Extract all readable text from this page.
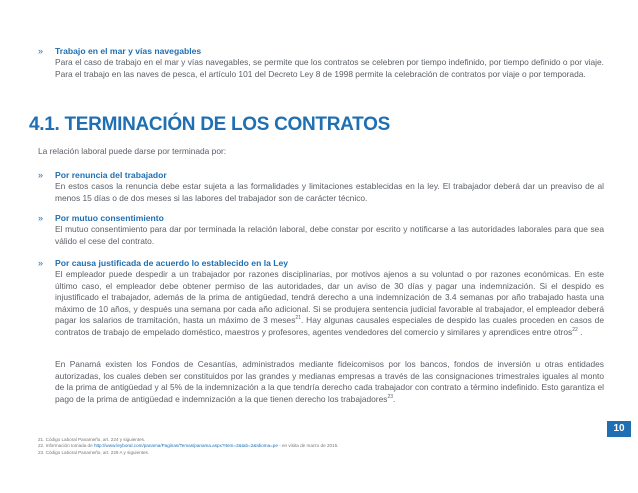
» Trabajo en el mar y vías navegables
Para el caso de trabajo en el mar y vías navegables, se permite que los contratos se celebren por tiempo indefinido, por tiempo definido o por viaje. Para el trabajo en las naves de pesca, el artículo 101 del Decreto Ley 8 de 1998 permite la celebración de contratos por viaje o por temporada.
4.1. TERMINACIÓN DE LOS CONTRATOS
La relación laboral puede darse por terminada por:
» Por renuncia del trabajador
En estos casos la renuncia debe estar sujeta a las formalidades y limitaciones establecidas en la ley. El trabajador deberá dar un preaviso de al menos 15 días o de dos meses si las labores del trabajador son de carácter técnico.
» Por mutuo consentimiento
El mutuo consentimiento para dar por terminada la relación laboral, debe constar por escrito y notificarse a las autoridades laborales para que sea válido el cese del contrato.
» Por causa justificada de acuerdo lo establecido en la Ley
El empleador puede despedir a un trabajador por razones disciplinarias, por motivos ajenos a su voluntad o por razones económicas. En este último caso, el empleador debe obtener permiso de las autoridades, dar un aviso de 30 días y pagar una indemnización. Si el despido es injustificado el trabajador, además de la prima de antigüedad, tendrá derecho a una indemnización de 3.4 semanas por año trabajado hasta una máximo de 10 años, y después una semana por cada año adicional. Si se produjera sentencia judicial favorable al trabajador, el empleador deberá pagar los salarios de tramitación, hasta un máximo de 3 meses$^{21}$. Hay algunas causales especiales de despido las cuales proceden en casos de contratos de trabajo de empelado doméstico, maestros y profesores, agentes vendedores del comercio y similares y aprendices entre otros$^{22}$ .
En Panamá existen los Fondos de Cesantías, administrados mediante fideicomisos por los bancos, fondos de inversión u otras entidades autorizadas, los cuales deben ser constituidos por las grandes y medianas empresas a través de las consignaciones trimestrales iguales al monto de la prima de antigüedad y al 5% de la indemnización a la que tendría derecho cada trabajador con contrato a término indefinido. Esto garantiza el pago de la prima de antigüedad e indemnización a la que tienen derecho los trabajadores$^{23}$.
21. Código Laboral Panameño, art. 224 y siguientes.
22. Información tomada de http://www.leyboral.com/panama/Paginas/Temas/panama.aspx?Item=3&tab=2&Idioma=pe - en visita de marzo de 2015.
23. Código Laboral Panameño, art. 229 A y siguientes.
10
